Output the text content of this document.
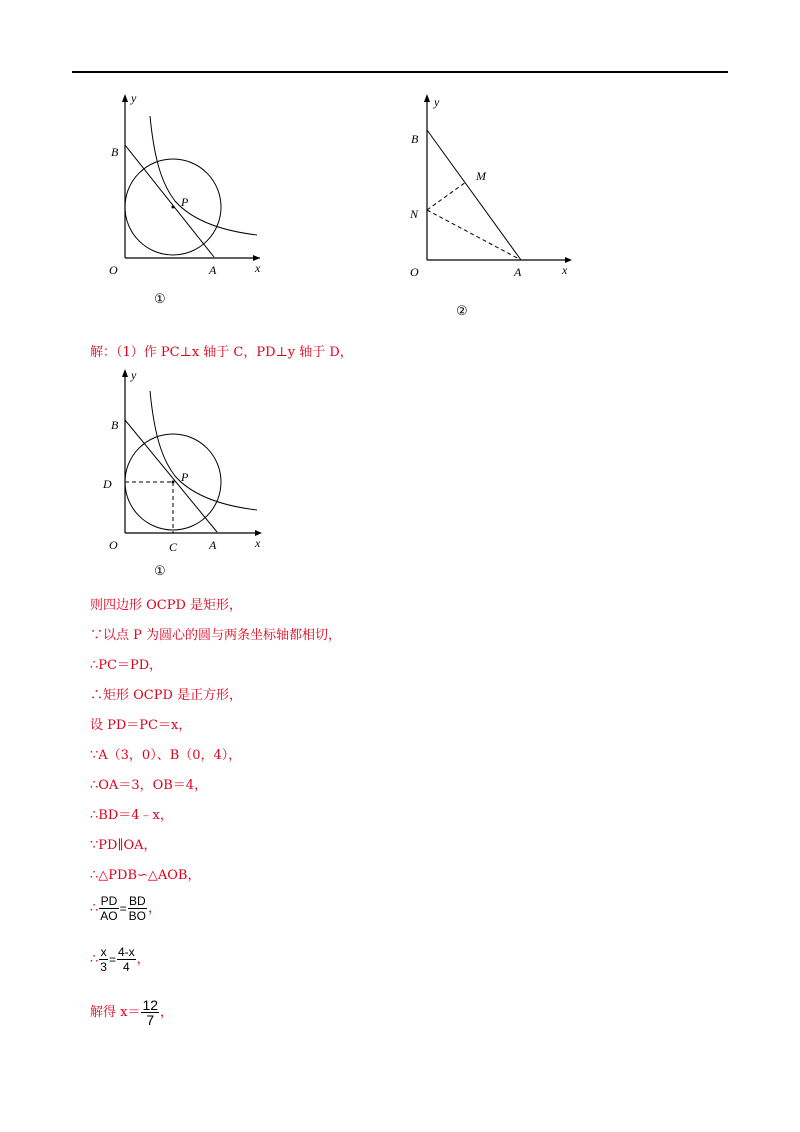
y
B
P
O	A	x
①
y
B
M
N
O	A	x
②
解：（1）作 PC⊥x 轴于 C，PD⊥y 轴于 D，
y
B
D	P
O	C	A	x
①
则四边形 OCPD 是矩形，
∵以点 P 为圆心的圆与两条坐标轴都相切，
∴PC＝PD，
∴矩形 OCPD 是正方形，
设 PD＝PC＝x，
∵A（3，0）、B（0，4），
∴OA＝3，OB＝4，
∴BD＝4﹣x，
∵PD∥OA，
∴△PDB∽△AOB，
∴ $\frac{PD}{AO} = \frac{BD}{BO}$ ，
∴ $\frac{x}{3} = \frac{4-x}{4}$ ，
解得 $x= \frac{12}{7}$ ，
